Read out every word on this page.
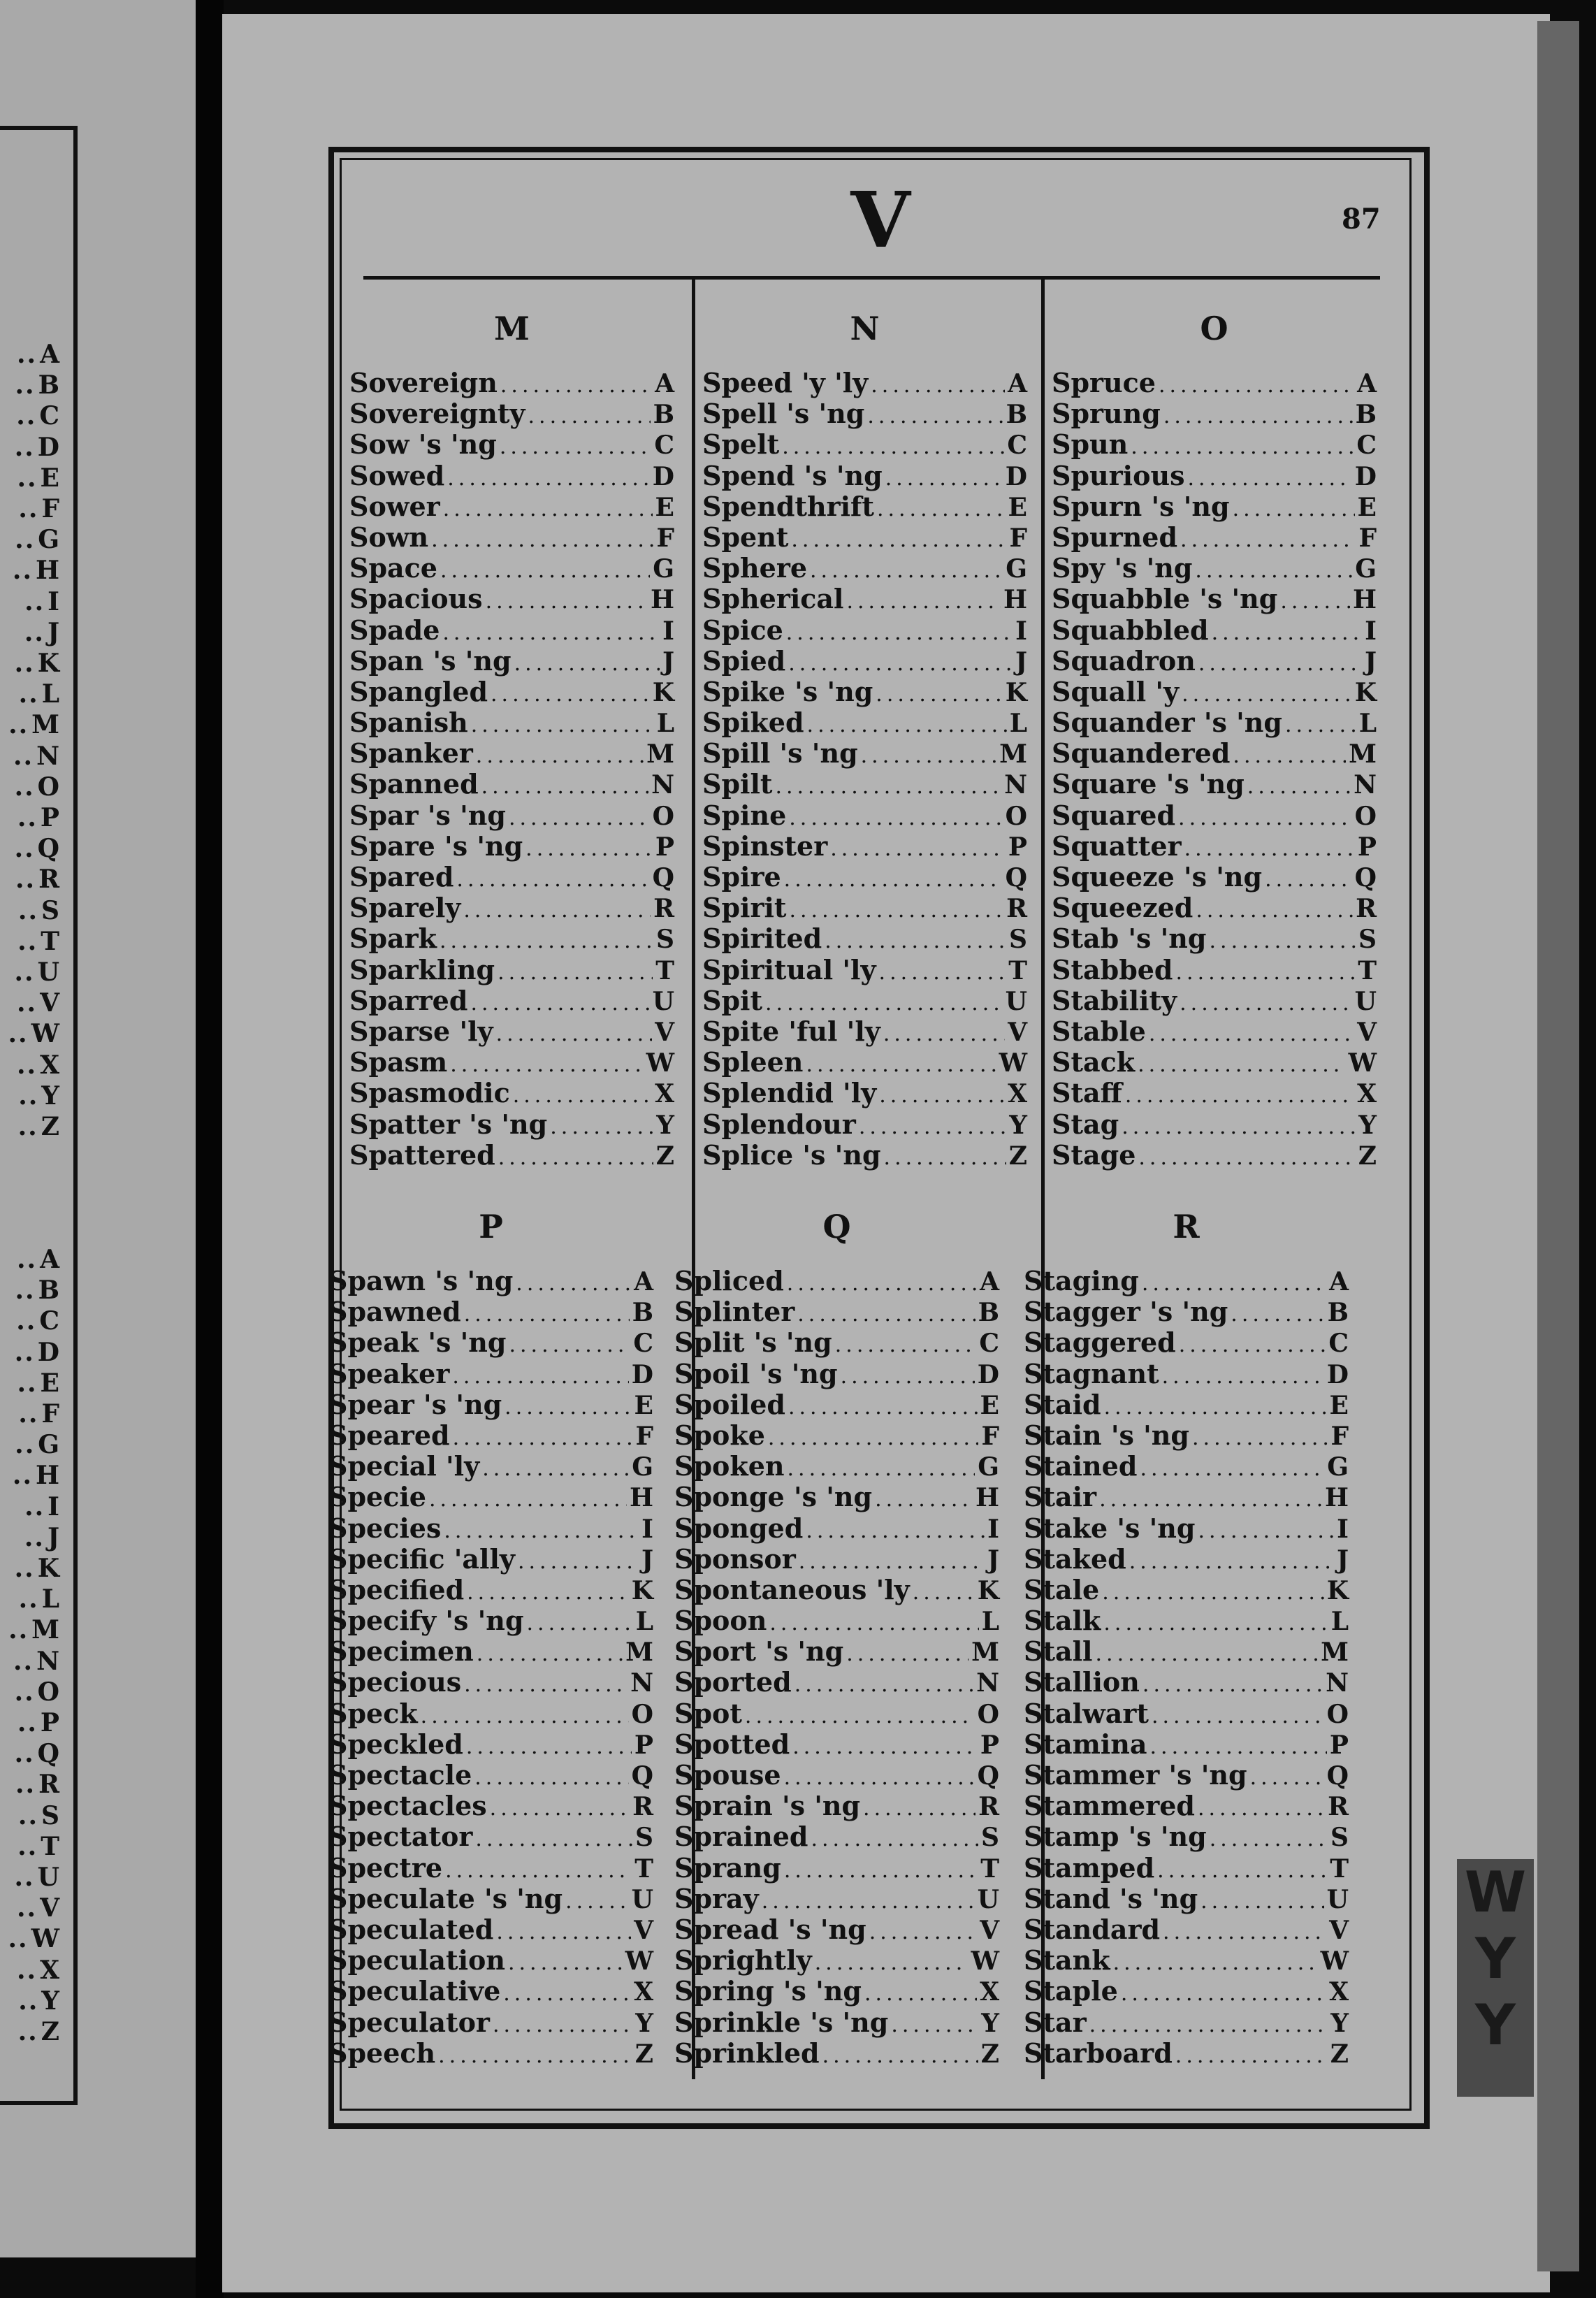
.. A
.. B
.. C
.. D
.. E
.. F
.. G
.. H
.. I
.. J
.. K
.. L
.. M
.. N
.. O
.. P
.. Q
.. R
.. S
.. T
.. U
.. V
.. W
.. X
.. Y
.. Z
.. A
.. B
.. C
.. D
.. E
.. F
.. G
.. H
.. I
.. J
.. K
.. L
.. M
.. N
.. O
.. P
.. Q
.. R
.. S
.. T
.. U
.. V
.. W
.. X
.. Y
.. Z
W
Y
Y
V	87
M
Sovereign .....	A
Sovereignty .....	B
Sow 's 'ng .....	C
Sowed .....	D
Sower .....	E
Sown .....	F
Space .....	G
Spacious .....	H
Spade .....	I
Span 's 'ng .....	J
Spangled .....	K
Spanish .....	L
Spanker .....	M
Spanned .....	N
Spar 's 'ng .....	O
Spare 's 'ng .....	P
Spared .....	Q
Sparely .....	R
Spark .....	S
Sparkling .....	T
Sparred .....	U
Sparse 'ly .....	V
Spasm .....	W
Spasmodic .....	X
Spatter 's 'ng .....	Y
Spattered .....	Z
N
Speed 'y 'ly .....	A
Spell 's 'ng .....	B
Spelt .....	C
Spend 's 'ng .....	D
Spendthrift .....	E
Spent .....	F
Sphere .....	G
Spherical .....	H
Spice .....	I
Spied .....	J
Spike 's 'ng .....	K
Spiked .....	L
Spill 's 'ng .....	M
Spilt .....	N
Spine .....	O
Spinster .....	P
Spire .....	Q
Spirit .....	R
Spirited .....	S
Spiritual 'ly .....	T
Spit .....	U
Spite 'ful 'ly .....	V
Spleen .....	W
Splendid 'ly .....	X
Splendour .....	Y
Splice 's 'ng .....	Z
O
Spruce .....	A
Sprung .....	B
Spun .....	C
Spurious .....	D
Spurn 's 'ng .....	E
Spurned .....	F
Spy 's 'ng .....	G
Squabble 's 'ng .....	H
Squabbled .....	I
Squadron .....	J
Squall 'y .....	K
Squander 's 'ng .....	L
Squandered .....	M
Square 's 'ng .....	N
Squared .....	O
Squatter .....	P
Squeeze 's 'ng .....	Q
Squeezed .....	R
Stab 's 'ng .....	S
Stabbed .....	T
Stability .....	U
Stable .....	V
Stack .....	W
Staff .....	X
Stag .....	Y
Stage .....	Z
P
Spawn 's 'ng .....	A
Spawned .....	B
Speak 's 'ng .....	C
Speaker .....	D
Spear 's 'ng .....	E
Speared .....	F
Special 'ly .....	G
Specie .....	H
Species .....	I
Specific 'ally .....	J
Specified .....	K
Specify 's 'ng .....	L
Specimen .....	M
Specious .....	N
Speck .....	O
Speckled .....	P
Spectacle .....	Q
Spectacles .....	R
Spectator .....	S
Spectre .....	T
Speculate 's 'ng .....	U
Speculated .....	V
Speculation .....	W
Speculative .....	X
Speculator .....	Y
Speech .....	Z
Q
Spliced .....	A
Splinter .....	B
Split 's 'ng .....	C
Spoil 's 'ng .....	D
Spoiled .....	E
Spoke .....	F
Spoken .....	G
Sponge 's 'ng .....	H
Sponged .....	I
Sponsor .....	J
Spontaneous 'ly .....	K
Spoon .....	L
Sport 's 'ng .....	M
Sported .....	N
Spot .....	O
Spotted .....	P
Spouse .....	Q
Sprain 's 'ng .....	R
Sprained .....	S
Sprang .....	T
Spray .....	U
Spread 's 'ng .....	V
Sprightly .....	W
Spring 's 'ng .....	X
Sprinkle 's 'ng .....	Y
Sprinkled .....	Z
R
Staging .....	A
Stagger 's 'ng .....	B
Staggered .....	C
Stagnant .....	D
Staid .....	E
Stain 's 'ng .....	F
Stained .....	G
Stair .....	H
Stake 's 'ng .....	I
Staked .....	J
Stale .....	K
Stalk .....	L
Stall .....	M
Stallion .....	N
Stalwart .....	O
Stamina .....	P
Stammer 's 'ng .....	Q
Stammered .....	R
Stamp 's 'ng .....	S
Stamped .....	T
Stand 's 'ng .....	U
Standard .....	V
Stank .....	W
Staple .....	X
Star .....	Y
Starboard .....	Z
